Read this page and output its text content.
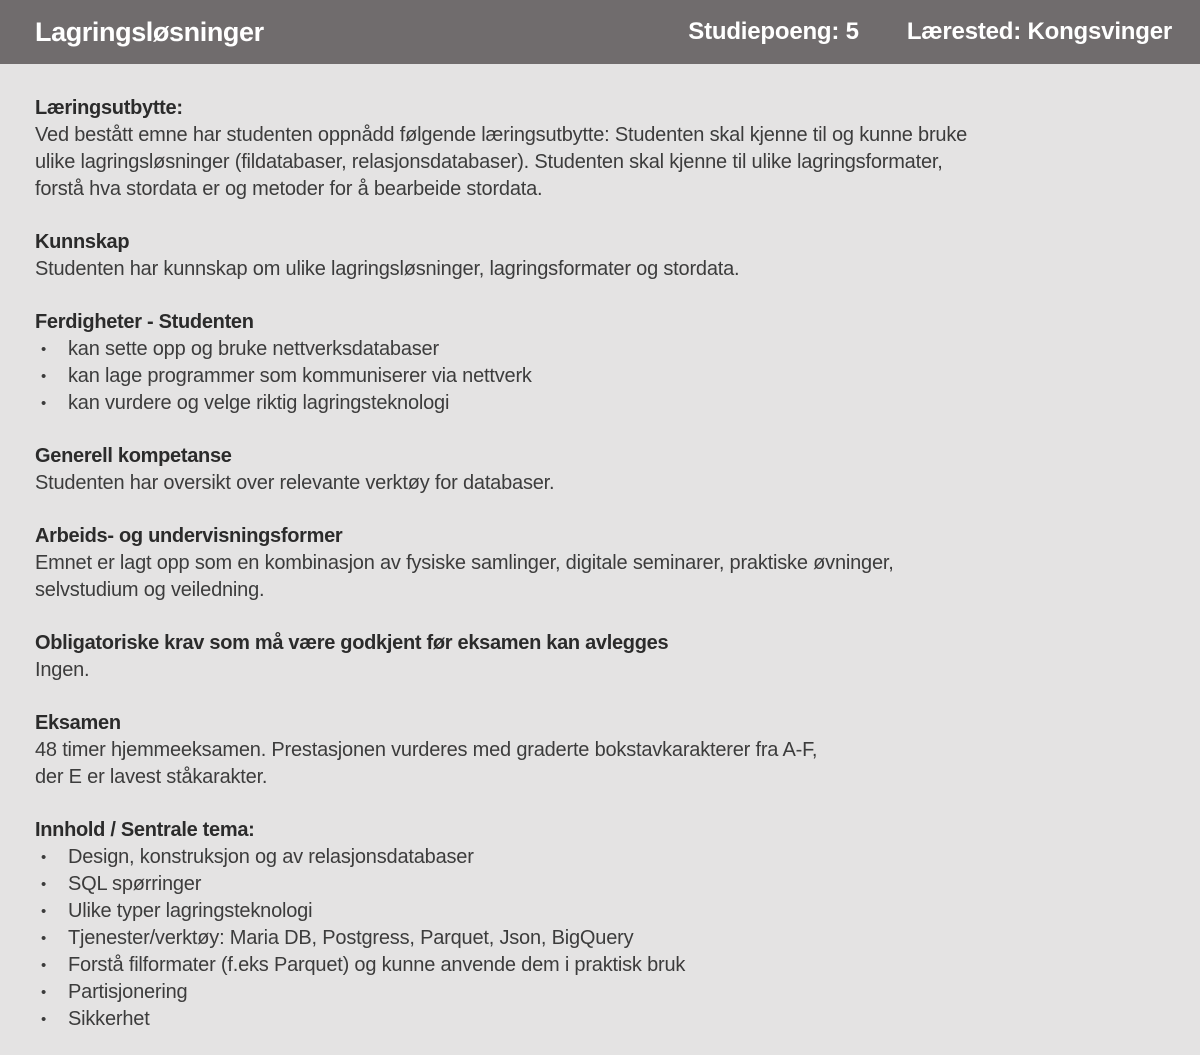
Lagringsløsninger	Studiepoeng: 5 Lærested: Kongsvinger
Læringsutbytte:
Ved bestått emne har studenten oppnådd følgende læringsutbytte: Studenten skal kjenne til og kunne bruke
ulike lagringsløsninger (fildatabaser, relasjonsdatabaser). Studenten skal kjenne til ulike lagringsformater,
forstå hva stordata er og metoder for å bearbeide stordata.
Kunnskap
Studenten har kunnskap om ulike lagringsløsninger, lagringsformater og stordata.
Ferdigheter - Studenten
• kan sette opp og bruke nettverksdatabaser
• kan lage programmer som kommuniserer via nettverk
• kan vurdere og velge riktig lagringsteknologi
Generell kompetanse
Studenten har oversikt over relevante verktøy for databaser.
Arbeids- og undervisningsformer
Emnet er lagt opp som en kombinasjon av fysiske samlinger, digitale seminarer, praktiske øvninger,
selvstudium og veiledning.
Obligatoriske krav som må være godkjent før eksamen kan avlegges
Ingen.
Eksamen
48 timer hjemmeeksamen. Prestasjonen vurderes med graderte bokstavkarakterer fra A-F,
der E er lavest ståkarakter.
Innhold / Sentrale tema:
• Design, konstruksjon og av relasjonsdatabaser
• SQL spørringer
• Ulike typer lagringsteknologi
• Tjenester/verktøy: Maria DB, Postgress, Parquet, Json, BigQuery
• Forstå filformater (f.eks Parquet) og kunne anvende dem i praktisk bruk
• Partisjonering
• Sikkerhet
